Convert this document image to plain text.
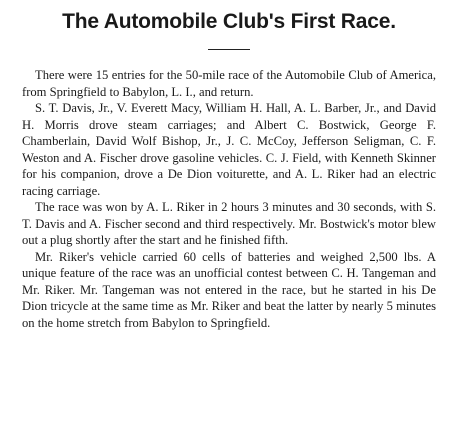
The Automobile Club's First Race.

There were 15 entries for the 50-mile race of the Automobile Club of America, from Springfield to Babylon, L. I., and return.

S. T. Davis, Jr., V. Everett Macy, William H. Hall, A. L. Barber, Jr., and David H. Morris drove steam carriages; and Albert C. Bostwick, George F. Chamberlain, David Wolf Bishop, Jr., J. C. McCoy, Jefferson Seligman, C. F. Weston and A. Fischer drove gasoline vehicles. C. J. Field, with Kenneth Skinner for his companion, drove a De Dion voiturette, and A. L. Riker had an electric racing carriage.

The race was won by A. L. Riker in 2 hours 3 minutes and 30 seconds, with S. T. Davis and A. Fischer second and third respectively. Mr. Bostwick's motor blew out a plug shortly after the start and he finished fifth.

Mr. Riker's vehicle carried 60 cells of batteries and weighed 2,500 lbs. A unique feature of the race was an unofficial contest between C. H. Tangeman and Mr. Riker. Mr. Tangeman was not entered in the race, but he started in his De Dion tricycle at the same time as Mr. Riker and beat the latter by nearly 5 minutes on the home stretch from Babylon to Springfield.
